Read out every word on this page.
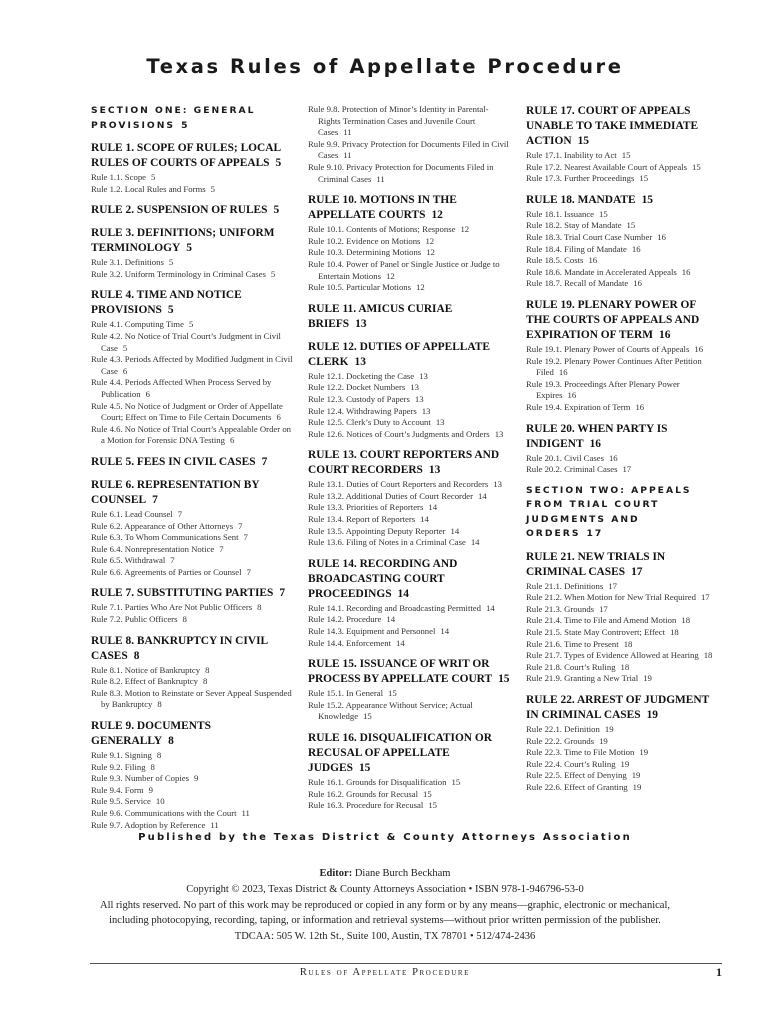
Texas Rules of Appellate Procedure
SECTION ONE: GENERAL PROVISIONS 5
RULE 1. SCOPE OF RULES; LOCAL RULES OF COURTS OF APPEALS 5
Rule 1.1. Scope 5
Rule 1.2. Local Rules and Forms 5
RULE 2. SUSPENSION OF RULES 5
RULE 3. DEFINITIONS; UNIFORM TERMINOLOGY 5
Rule 3.1. Definitions 5
Rule 3.2. Uniform Terminology in Criminal Cases 5
RULE 4. TIME AND NOTICE PROVISIONS 5
Rule 4.1. Computing Time 5
Rule 4.2. No Notice of Trial Court’s Judgment in Civil Case 5
Rule 4.3. Periods Affected by Modified Judgment in Civil Case 6
Rule 4.4. Periods Affected When Process Served by Publication 6
Rule 4.5. No Notice of Judgment or Order of Appellate Court; Effect on Time to File Certain Documents 6
Rule 4.6. No Notice of Trial Court’s Appealable Order on a Motion for Forensic DNA Testing 6
RULE 5. FEES IN CIVIL CASES 7
RULE 6. REPRESENTATION BY COUNSEL 7
Rule 6.1. Lead Counsel 7
Rule 6.2. Appearance of Other Attorneys 7
Rule 6.3. To Whom Communications Sent 7
Rule 6.4. Nonrepresentation Notice 7
Rule 6.5. Withdrawal 7
Rule 6.6. Agreements of Parties or Counsel 7
RULE 7. SUBSTITUTING PARTIES 7
Rule 7.1. Parties Who Are Not Public Officers 8
Rule 7.2. Public Officers 8
RULE 8. BANKRUPTCY IN CIVIL CASES 8
Rule 8.1. Notice of Bankruptcy 8
Rule 8.2. Effect of Bankruptcy 8
Rule 8.3. Motion to Reinstate or Sever Appeal Suspended by Bankruptcy 8
RULE 9. DOCUMENTS GENERALLY 8
Rule 9.1. Signing 8
Rule 9.2. Filing 8
Rule 9.3. Number of Copies 9
Rule 9.4. Form 9
Rule 9.5. Service 10
Rule 9.6. Communications with the Court 11
Rule 9.7. Adoption by Reference 11
Rule 9.8. Protection of Minor’s Identity in Parental-Rights Termination Cases and Juvenile Court Cases 11
Rule 9.9. Privacy Protection for Documents Filed in Civil Cases 11
Rule 9.10. Privacy Protection for Documents Filed in Criminal Cases 11
RULE 10. MOTIONS IN THE APPELLATE COURTS 12
Rule 10.1. Contents of Motions; Response 12
Rule 10.2. Evidence on Motions 12
Rule 10.3. Determining Motions 12
Rule 10.4. Power of Panel or Single Justice or Judge to Entertain Motions 12
Rule 10.5. Particular Motions 12
RULE 11. AMICUS CURIAE BRIEFS 13
RULE 12. DUTIES OF APPELLATE CLERK 13
Rule 12.1. Docketing the Case 13
Rule 12.2. Docket Numbers 13
Rule 12.3. Custody of Papers 13
Rule 12.4. Withdrawing Papers 13
Rule 12.5. Clerk’s Duty to Account 13
Rule 12.6. Notices of Court’s Judgments and Orders 13
RULE 13. COURT REPORTERS AND COURT RECORDERS 13
Rule 13.1. Duties of Court Reporters and Recorders 13
Rule 13.2. Additional Duties of Court Recorder 14
Rule 13.3. Priorities of Reporters 14
Rule 13.4. Report of Reporters 14
Rule 13.5. Appointing Deputy Reporter 14
Rule 13.6. Filing of Notes in a Criminal Case 14
RULE 14. RECORDING AND BROADCASTING COURT PROCEEDINGS 14
Rule 14.1. Recording and Broadcasting Permitted 14
Rule 14.2. Procedure 14
Rule 14.3. Equipment and Personnel 14
Rule 14.4. Enforcement 14
RULE 15. ISSUANCE OF WRIT OR PROCESS BY APPELLATE COURT 15
Rule 15.1. In General 15
Rule 15.2. Appearance Without Service; Actual Knowledge 15
RULE 16. DISQUALIFICATION OR RECUSAL OF APPELLATE JUDGES 15
Rule 16.1. Grounds for Disqualification 15
Rule 16.2. Grounds for Recusal 15
Rule 16.3. Procedure for Recusal 15
RULE 17. COURT OF APPEALS UNABLE TO TAKE IMMEDIATE ACTION 15
Rule 17.1. Inability to Act 15
Rule 17.2. Nearest Available Court of Appeals 15
Rule 17.3. Further Proceedings 15
RULE 18. MANDATE 15
Rule 18.1. Issuance 15
Rule 18.2. Stay of Mandate 15
Rule 18.3. Trial Court Case Number 16
Rule 18.4. Filing of Mandate 16
Rule 18.5. Costs 16
Rule 18.6. Mandate in Accelerated Appeals 16
Rule 18.7. Recall of Mandate 16
RULE 19. PLENARY POWER OF THE COURTS OF APPEALS AND EXPIRATION OF TERM 16
Rule 19.1. Plenary Power of Courts of Appeals 16
Rule 19.2. Plenary Power Continues After Petition Filed 16
Rule 19.3. Proceedings After Plenary Power Expires 16
Rule 19.4. Expiration of Term 16
RULE 20. WHEN PARTY IS INDIGENT 16
Rule 20.1. Civil Cases 16
Rule 20.2. Criminal Cases 17
SECTION TWO: APPEALS FROM TRIAL COURT JUDGMENTS AND ORDERS 17
RULE 21. NEW TRIALS IN CRIMINAL CASES 17
Rule 21.1. Definitions 17
Rule 21.2. When Motion for New Trial Required 17
Rule 21.3. Grounds 17
Rule 21.4. Time to File and Amend Motion 18
Rule 21.5. State May Controvert; Effect 18
Rule 21.6. Time to Present 18
Rule 21.7. Types of Evidence Allowed at Hearing 18
Rule 21.8. Court’s Ruling 18
Rule 21.9. Granting a New Trial 19
RULE 22. ARREST OF JUDGMENT IN CRIMINAL CASES 19
Rule 22.1. Definition 19
Rule 22.2. Grounds 19
Rule 22.3. Time to File Motion 19
Rule 22.4. Court’s Ruling 19
Rule 22.5. Effect of Denying 19
Rule 22.6. Effect of Granting 19
Published by the Texas District & County Attorneys Association
Editor: Diane Burch Beckham
Copyright © 2023, Texas District & County Attorneys Association • ISBN 978-1-946796-53-0
All rights reserved. No part of this work may be reproduced or copied in any form or by any means—graphic, electronic or mechanical, including photocopying, recording, taping, or information and retrieval systems—without prior written permission of the publisher.
TDCAA: 505 W. 12th St., Suite 100, Austin, TX 78701 • 512/474-2436
Rules of Appellate Procedure	1
